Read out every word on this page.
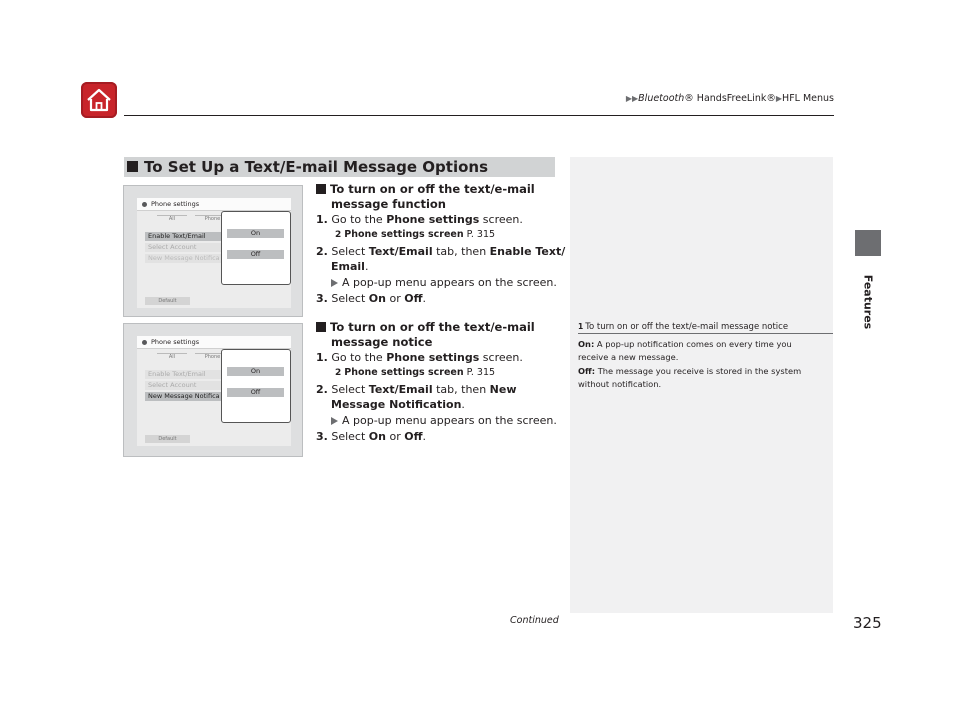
▶▶Bluetooth® HandsFreeLink®▶HFL Menus
Features
To Set Up a Text/E-mail Message Options
Phone settings
All	Phone
Enable Text/Email
Select Account
New Message Notifica
Default
On
Off
Phone settings
All	Phone
Enable Text/Email
Select Account
New Message Notifica
Default
On
Off
To turn on or off the text/e-mail
message function
1. Go to the Phone settings screen.
2 Phone settings screen P. 315
2. Select Text/Email tab, then Enable Text/
Email.
A pop-up menu appears on the screen.
3. Select On or Off.
To turn on or off the text/e-mail
message notice
1. Go to the Phone settings screen.
2 Phone settings screen P. 315
2. Select Text/Email tab, then New
Message Notification.
A pop-up menu appears on the screen.
3. Select On or Off.
1 To turn on or off the text/e-mail message notice
On: A pop-up notification comes on every time you
receive a new message.
Off: The message you receive is stored in the system
without notification.
Continued	325
